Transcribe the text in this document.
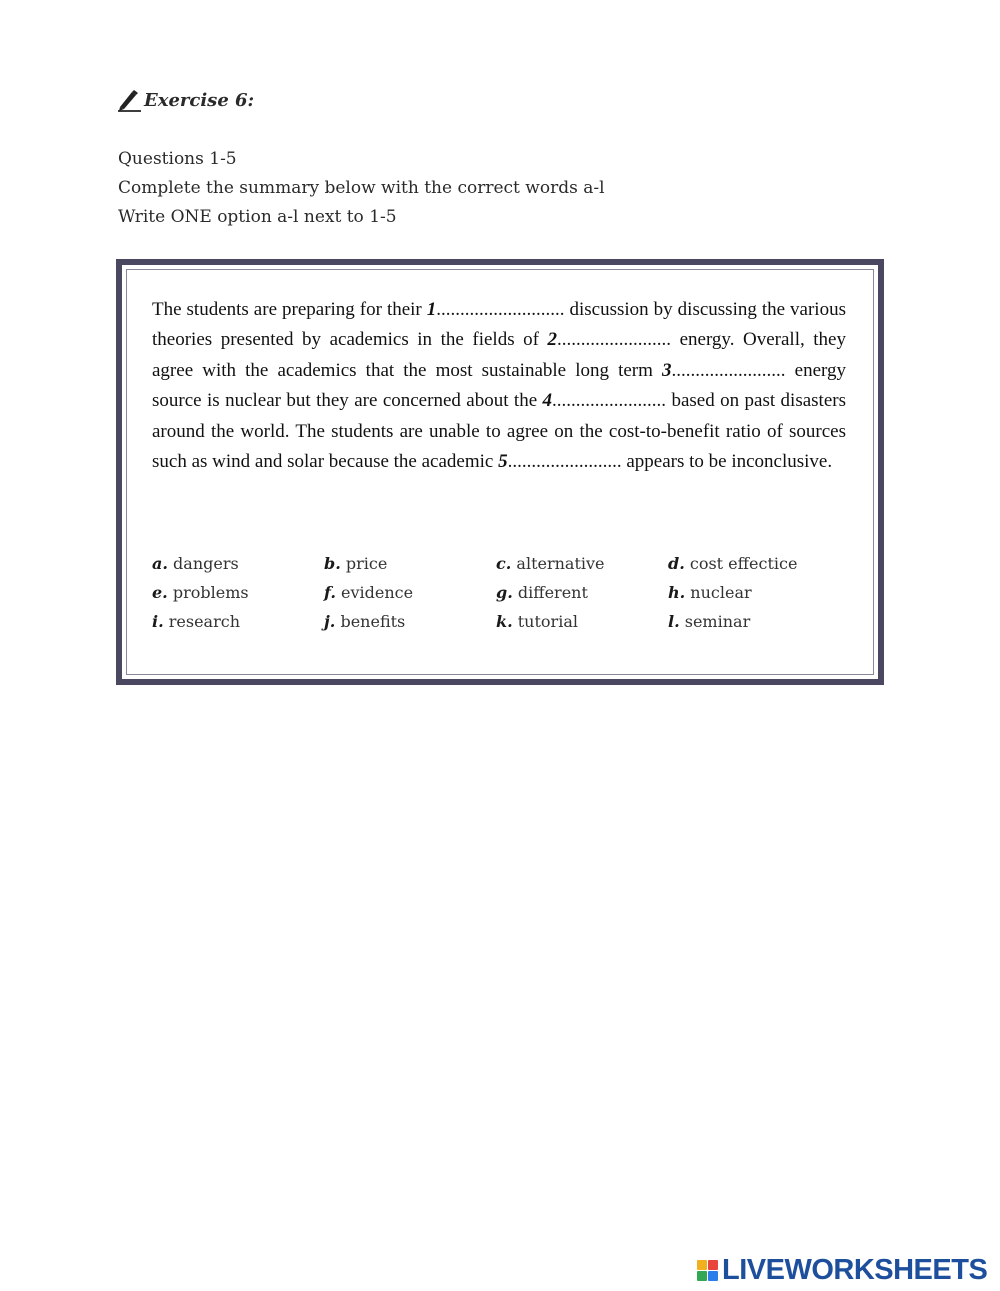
Exercise 6:
Questions 1-5
Complete the summary below with the correct words a-l
Write ONE option a-l next to 1-5
The students are preparing for their 1........................... discussion by discussing the various theories presented by academics in the fields of 2........................ energy. Overall, they agree with the academics that the most sustainable long term 3........................ energy source is nuclear but they are concerned about the 4........................ based on past disasters around the world. The students are unable to agree on the cost-to-benefit ratio of sources such as wind and solar because the academic 5........................ appears to be inconclusive.
a. dangers	b. price	c. alternative	d. cost effectice
e. problems	f. evidence	g. different	h. nuclear
i. research	j. benefits	k. tutorial	l. seminar
LIVEWORKSHEETS
